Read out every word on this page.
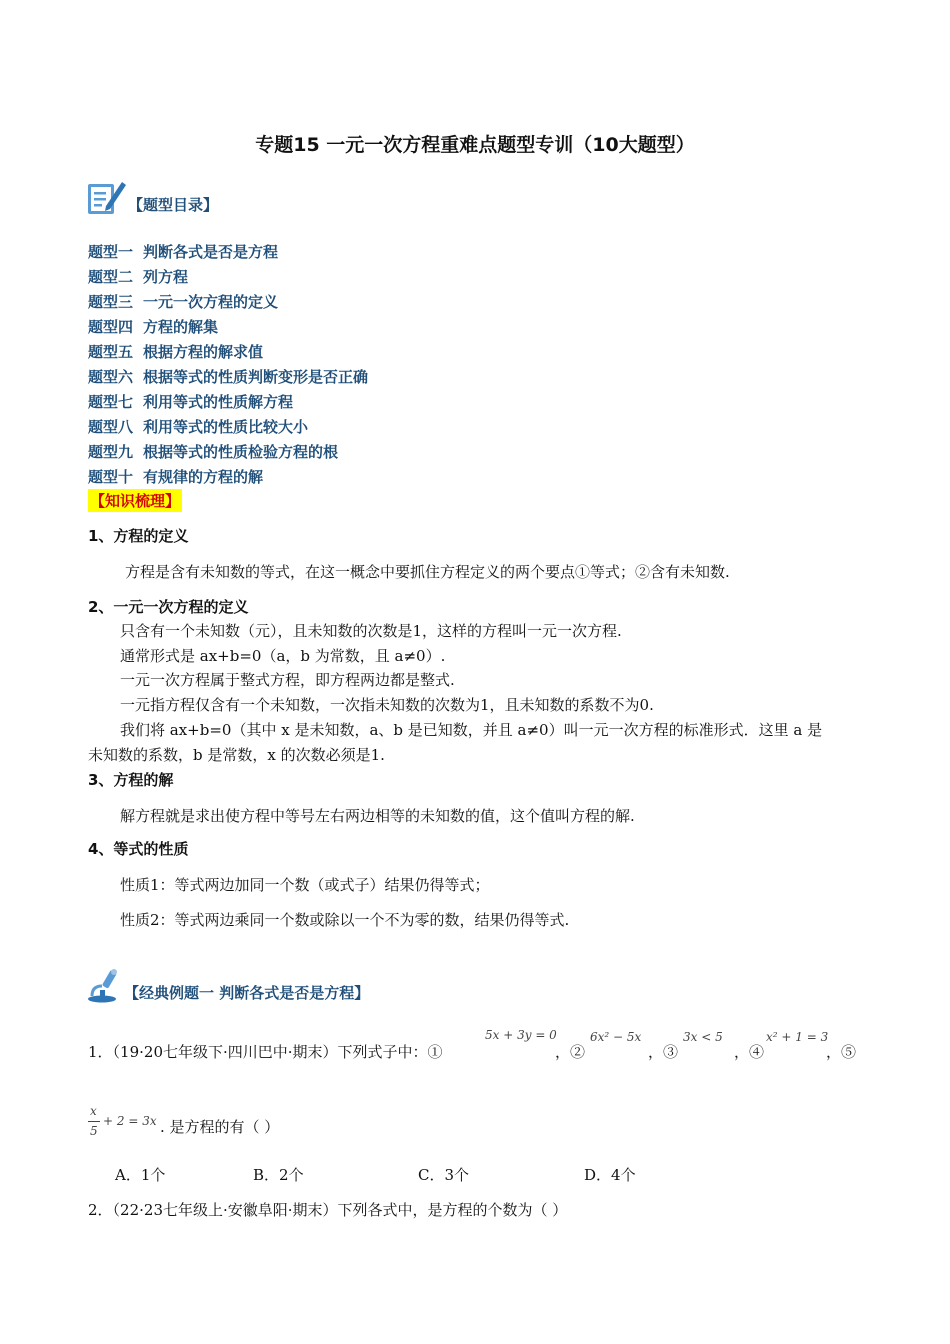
专题15 一元一次方程重难点题型专训（10大题型）
【题型目录】
题型一 判断各式是否是方程
题型二 列方程
题型三 一元一次方程的定义
题型四 方程的解集
题型五 根据方程的解求值
题型六 根据等式的性质判断变形是否正确
题型七 利用等式的性质解方程
题型八 利用等式的性质比较大小
题型九 根据等式的性质检验方程的根
题型十 有规律的方程的解
【知识梳理】
1、方程的定义
方程是含有未知数的等式，在这一概念中要抓住方程定义的两个要点①等式；②含有未知数.
2、一元一次方程的定义
只含有一个未知数（元），且未知数的次数是1，这样的方程叫一元一次方程.
通常形式是 ax+b=0（a，b 为常数，且 a≠0）.
一元一次方程属于整式方程，即方程两边都是整式.
一元指方程仅含有一个未知数，一次指未知数的次数为1，且未知数的系数不为0.
我们将 ax+b=0（其中 x 是未知数，a、b 是已知数，并且 a≠0）叫一元一次方程的标准形式．这里 a 是
未知数的系数，b 是常数，x 的次数必须是1.
3、方程的解
解方程就是求出使方程中等号左右两边相等的未知数的值，这个值叫方程的解.
4、等式的性质
性质1：等式两边加同一个数（或式子）结果仍得等式；
性质2：等式两边乘同一个数或除以一个不为零的数，结果仍得等式.
【经典例题一 判断各式是否是方程】
1．（19·20七年级下·四川巴中·期末）下列式子中：①
5x + 3y = 0
，②
6x² − 5x
，③
3x < 5
，④
x² + 1 = 3
，⑤
x
5
+ 2 = 3x . 是方程的有（ ）
A．1个	B．2个	C．3个	D．4个
2．（22·23七年级上·安徽阜阳·期末）下列各式中，是方程的个数为（ ）
